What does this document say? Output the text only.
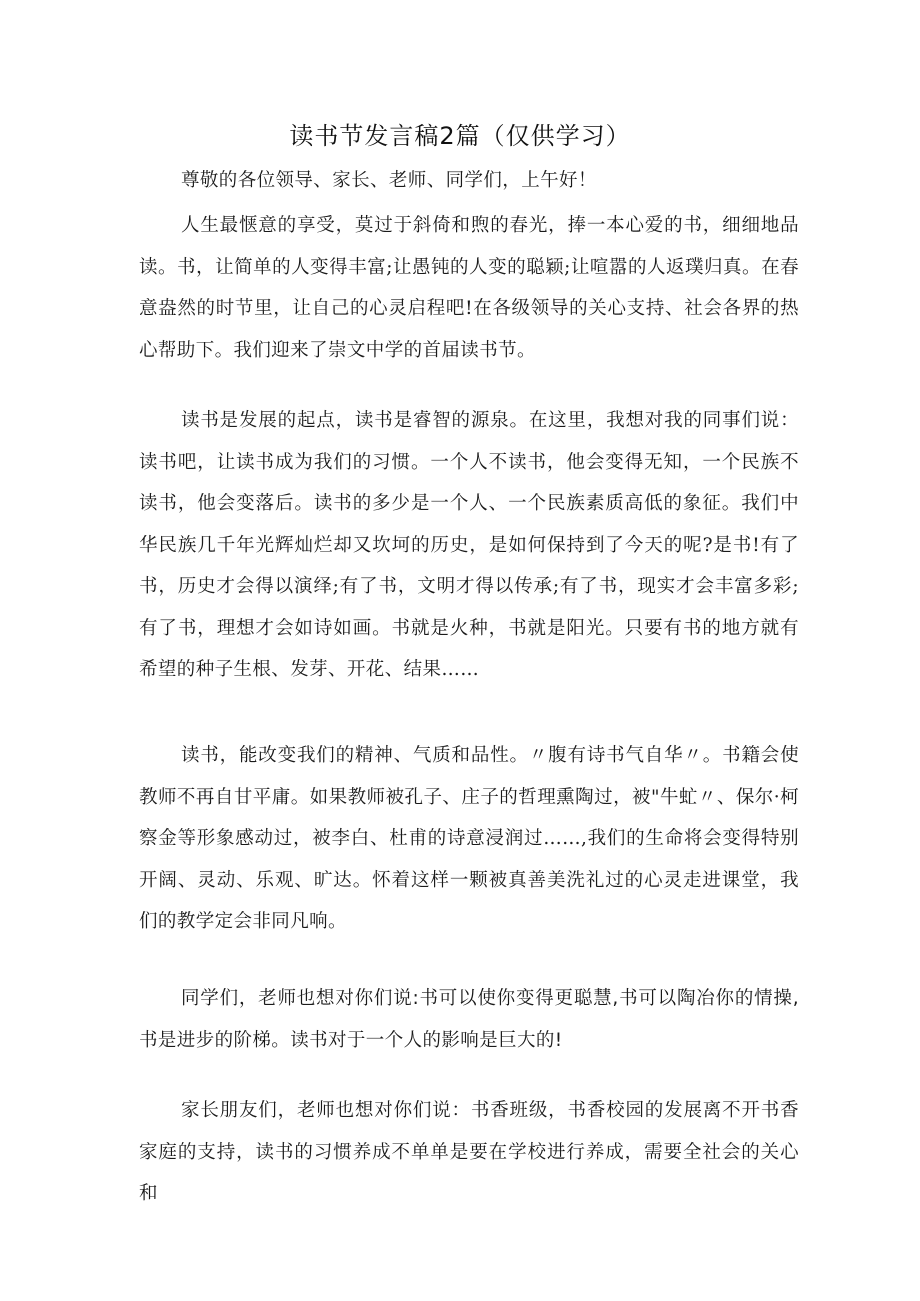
读书节发言稿2篇（仅供学习）

尊敬的各位领导、家长、老师、同学们，上午好！

人生最惬意的享受，莫过于斜倚和煦的春光，捧一本心爱的书，细细地品读。书，让简单的人变得丰富;让愚钝的人变的聪颖;让喧嚣的人返璞归真。在春意盎然的时节里，让自己的心灵启程吧!在各级领导的关心支持、社会各界的热心帮助下。我们迎来了崇文中学的首届读书节。

读书是发展的起点，读书是睿智的源泉。在这里，我想对我的同事们说：读书吧，让读书成为我们的习惯。一个人不读书，他会变得无知，一个民族不读书，他会变落后。读书的多少是一个人、一个民族素质高低的象征。我们中华民族几千年光辉灿烂却又坎坷的历史，是如何保持到了今天的呢?是书!有了书，历史才会得以演绎;有了书，文明才得以传承;有了书，现实才会丰富多彩;有了书，理想才会如诗如画。书就是火种，书就是阳光。只要有书的地方就有希望的种子生根、发芽、开花、结果……

读书，能改变我们的精神、气质和品性。〃腹有诗书气自华〃。书籍会使教师不再自甘平庸。如果教师被孔子、庄子的哲理熏陶过，被"牛虻〃、保尔·柯察金等形象感动过，被李白、杜甫的诗意浸润过……,我们的生命将会变得特别开阔、灵动、乐观、旷达。怀着这样一颗被真善美洗礼过的心灵走进课堂，我们的教学定会非同凡响。

同学们，老师也想对你们说:书可以使你变得更聪慧,书可以陶冶你的情操,书是进步的阶梯。读书对于一个人的影响是巨大的!

家长朋友们，老师也想对你们说：书香班级，书香校园的发展离不开书香家庭的支持，读书的习惯养成不单单是要在学校进行养成，需要全社会的关心和
